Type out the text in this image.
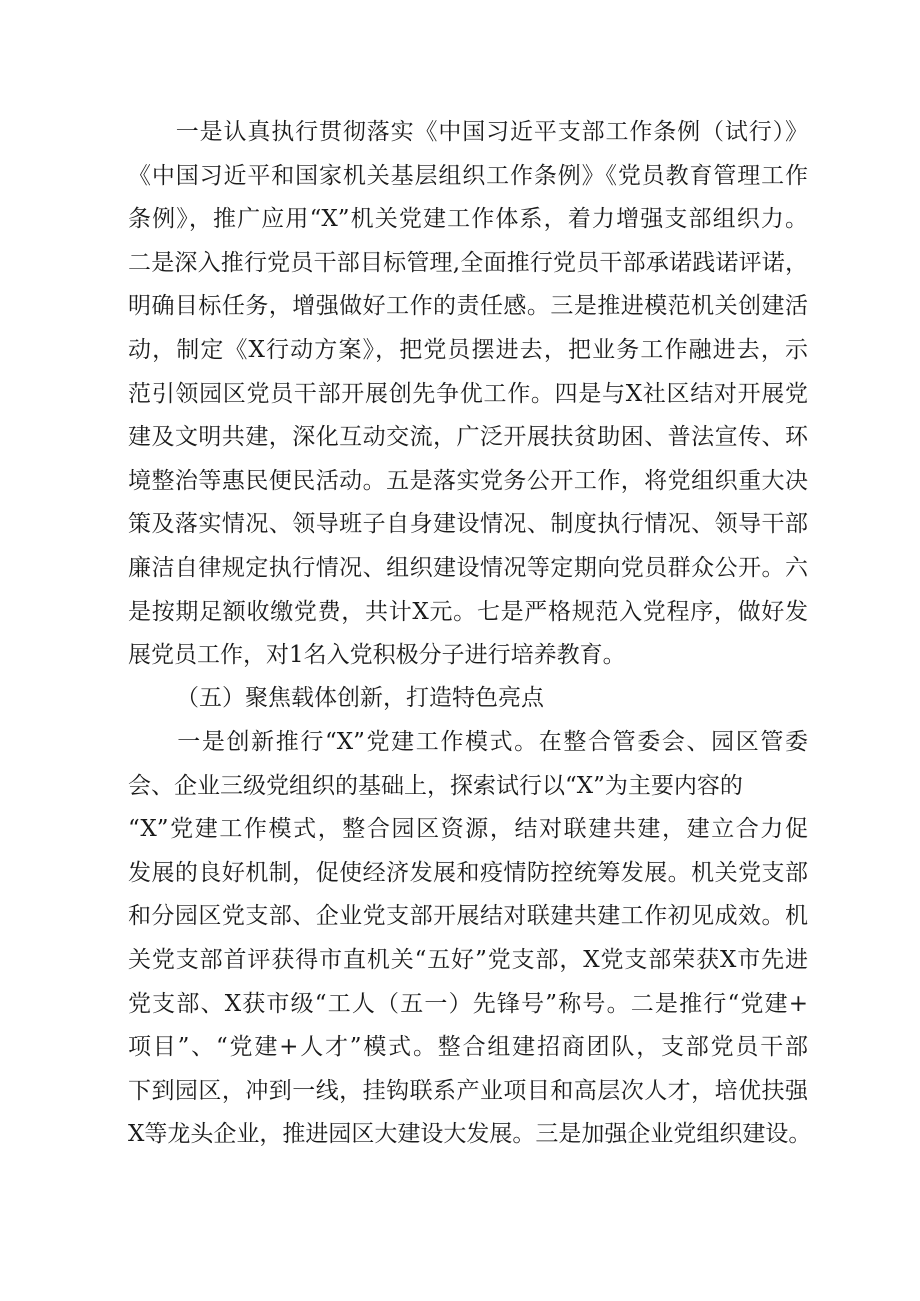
　　一是认真执行贯彻落实《中国习近平支部工作条例（试行）》
《中国习近平和国家机关基层组织工作条例》《党员教育管理工作
条例》，推广应用“X”机关党建工作体系，着力增强支部组织力。
二是深入推行党员干部目标管理,全面推行党员干部承诺践诺评诺，
明确目标任务，增强做好工作的责任感。三是推进模范机关创建活
动，制定《X行动方案》，把党员摆进去，把业务工作融进去，示
范引领园区党员干部开展创先争优工作。四是与X社区结对开展党
建及文明共建，深化互动交流，广泛开展扶贫助困、普法宣传、环
境整治等惠民便民活动。五是落实党务公开工作，将党组织重大决
策及落实情况、领导班子自身建设情况、制度执行情况、领导干部
廉洁自律规定执行情况、组织建设情况等定期向党员群众公开。六
是按期足额收缴党费，共计X元。七是严格规范入党程序，做好发
展党员工作，对1名入党积极分子进行培养教育。
（五）聚焦载体创新，打造特色亮点
　　一是创新推行“X”党建工作模式。在整合管委会、园区管委
会、企业三级党组织的基础上，探索试行以“X”为主要内容的
“X”党建工作模式，整合园区资源，结对联建共建，建立合力促
发展的良好机制，促使经济发展和疫情防控统筹发展。机关党支部
和分园区党支部、企业党支部开展结对联建共建工作初见成效。机
关党支部首评获得市直机关“五好”党支部，X党支部荣获X市先进
党支部、X获市级“工人（五一）先锋号”称号。二是推行“党建+
项目”、“党建+人才”模式。整合组建招商团队，支部党员干部
下到园区，冲到一线，挂钩联系产业项目和高层次人才，培优扶强
X等龙头企业，推进园区大建设大发展。三是加强企业党组织建设。
